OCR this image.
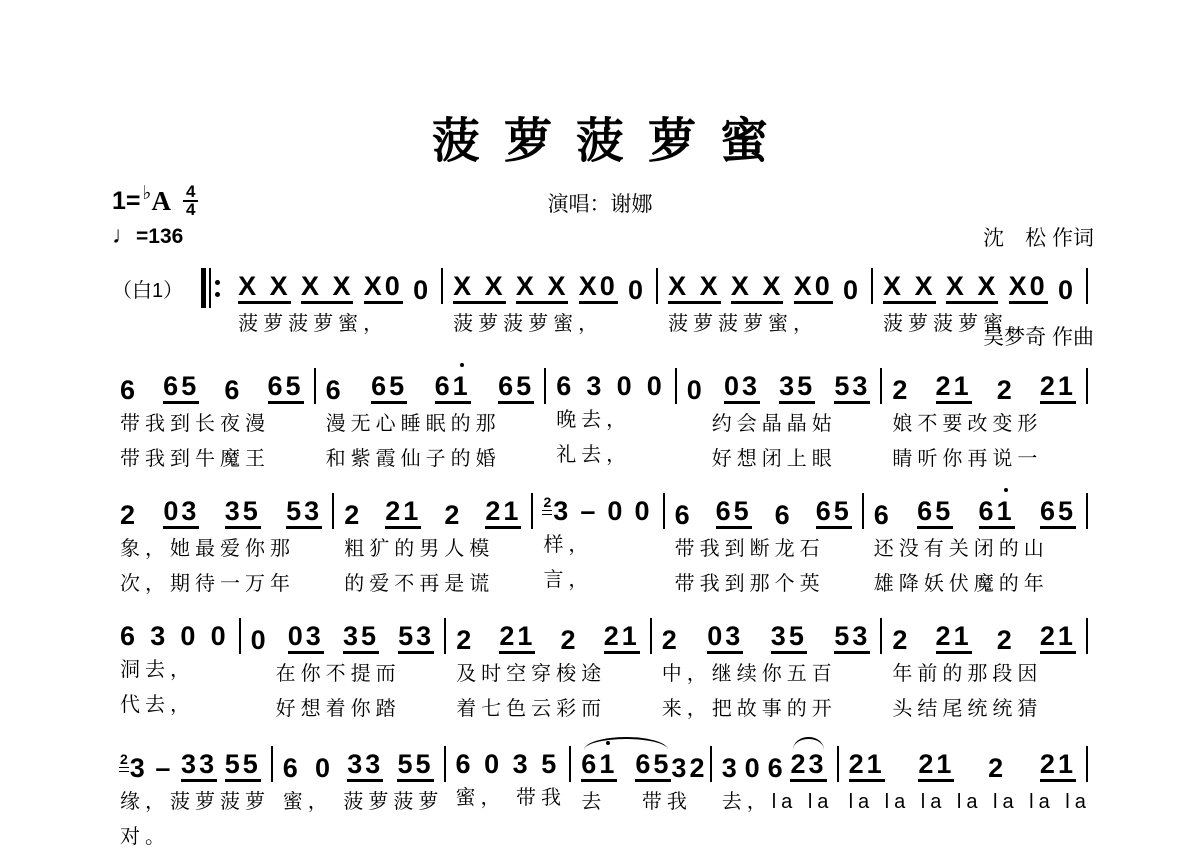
菠萝菠萝蜜

沈　松 作词

吴梦奇 作曲

演唱：谢娜
1= ♭ A $\frac{4}{4}$
♩=136
（白1） X X X X X0 0
菠萝菠萝蜜，
X X X X X0 0
菠萝菠萝蜜，
X X X X X0 0
菠萝菠萝蜜，
X X X X X0 0
菠萝菠萝蜜。
6 65 6 65
带我到长夜漫
带我到牛魔王
6 65 61 65
漫无心睡眠的那
和紫霞仙子的婚
6 3 0 0
晚去，
礼去，
0 03 35 53
　约会晶晶姑
　好想闭上眼
2 21 2 21
娘不要改变形
睛听你再说一
2 03 35 53
象，她最爱你那
次，期待一万年
2 21 2 21
粗犷的男人模
的爱不再是谎
23 – 0 0
样，
言，
6 65 6 65
带我到断龙石
带我到那个英
6 65 61 65
还没有关闭的山
雄降妖伏魔的年
6 3 0 0
洞去，
代去，
0 03 35 53
　在你不提而
　好想着你踏
2 21 2 21
及时空穿梭途
着七色云彩而
2 03 35 53
中，继续你五百
来，把故事的开
2 21 2 21
年前的那段因
头结尾统统猜
23 – 33 55
缘，菠萝菠萝
对。
6 0 33 55
蜜， 菠萝菠萝
6 0 3 5
蜜， 带我
61 65 3 2
去　 带我
3 0 6 23
去，la la
21 21 2 21
la la la la la la la
